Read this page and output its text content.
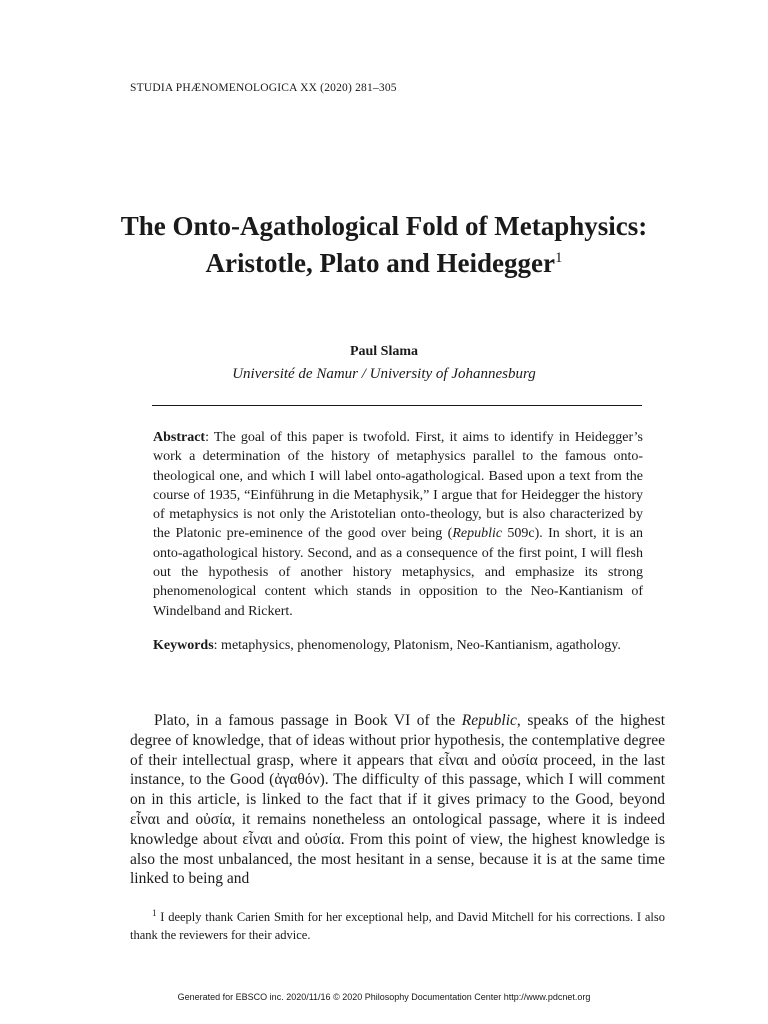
STUDIA PHÆNOMENOLOGICA XX (2020) 281–305
The Onto-Agathological Fold of Metaphysics: Aristotle, Plato and Heidegger$^1$
Paul Slama
Université de Namur / University of Johannesburg

Abstract: The goal of this paper is twofold. First, it aims to identify in Heidegger’s work a determination of the history of metaphysics parallel to the famous onto-theological one, and which I will label onto-agathological. Based upon a text from the course of 1935, “Einführung in die Metaphysik,” I argue that for Heidegger the history of metaphysics is not only the Aristotelian onto-theology, but is also characterized by the Platonic pre-eminence of the good over being (Republic 509c). In short, it is an onto-agathological history. Second, and as a consequence of the first point, I will flesh out the hypothesis of another history metaphysics, and emphasize its strong phenomenological content which stands in opposition to the Neo-Kantianism of Windelband and Rickert.

Keywords: metaphysics, phenomenology, Platonism, Neo-Kantianism, agathology.

Plato, in a famous passage in Book VI of the Republic, speaks of the highest degree of knowledge, that of ideas without prior hypothesis, the contemplative degree of their intellectual grasp, where it appears that εἶναι and οὐσία proceed, in the last instance, to the Good (ἀγαθόν). The difficulty of this passage, which I will comment on in this article, is linked to the fact that if it gives primacy to the Good, beyond εἶναι and οὐσία, it remains nonetheless an ontological passage, where it is indeed knowledge about εἶναι and οὐσία. From this point of view, the highest knowledge is also the most unbalanced, the most hesitant in a sense, because it is at the same time linked to being and

$^1$ I deeply thank Carien Smith for her exceptional help, and David Mitchell for his corrections. I also thank the reviewers for their advice.

Generated for EBSCO inc. 2020/11/16 © 2020 Philosophy Documentation Center http://www.pdcnet.org
